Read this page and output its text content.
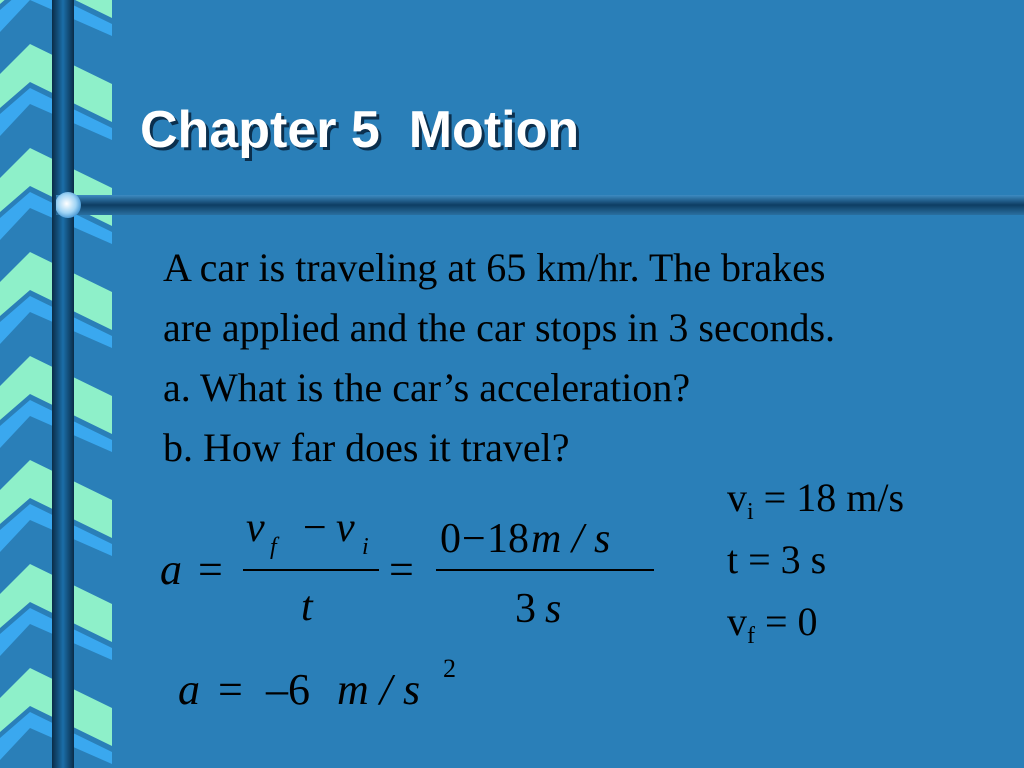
Chapter 5  Motion
A car is traveling at 65 km/hr. The brakes
are applied and the car stops in 3 seconds.
a. What is the car’s acceleration?
b. How far does it travel?
$v_i = 18$ m/s
t = 3 s
$v_f = 0$
a =
v f − v i
t
=
0 − 18 m / s
3 s
a = –6 m / s 2
